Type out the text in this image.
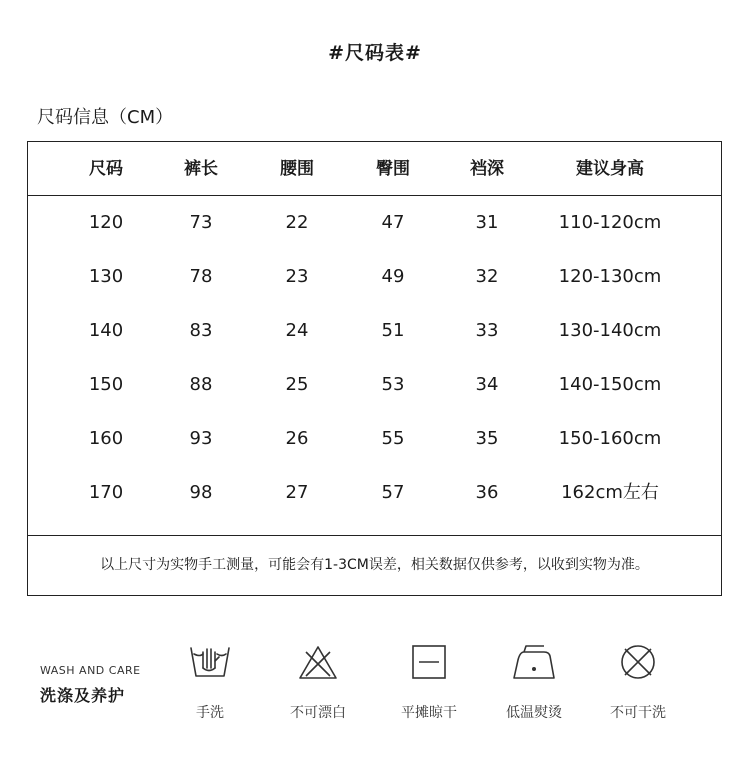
#尺码表#
尺码信息（CM）
尺码	裤长	腰围	臀围	裆深	建议身高
120	73	22	47	31	110-120cm
130	78	23	49	32	120-130cm
140	83	24	51	33	130-140cm
150	88	25	53	34	140-150cm
160	93	26	55	35	150-160cm
170	98	27	57	36	162cm左右
以上尺寸为实物手工测量，可能会有1-3CM误差，相关数据仅供参考，以收到实物为准。
WASH AND CARE
洗涤及养护
手洗	不可漂白	平摊晾干	低温熨烫	不可干洗
